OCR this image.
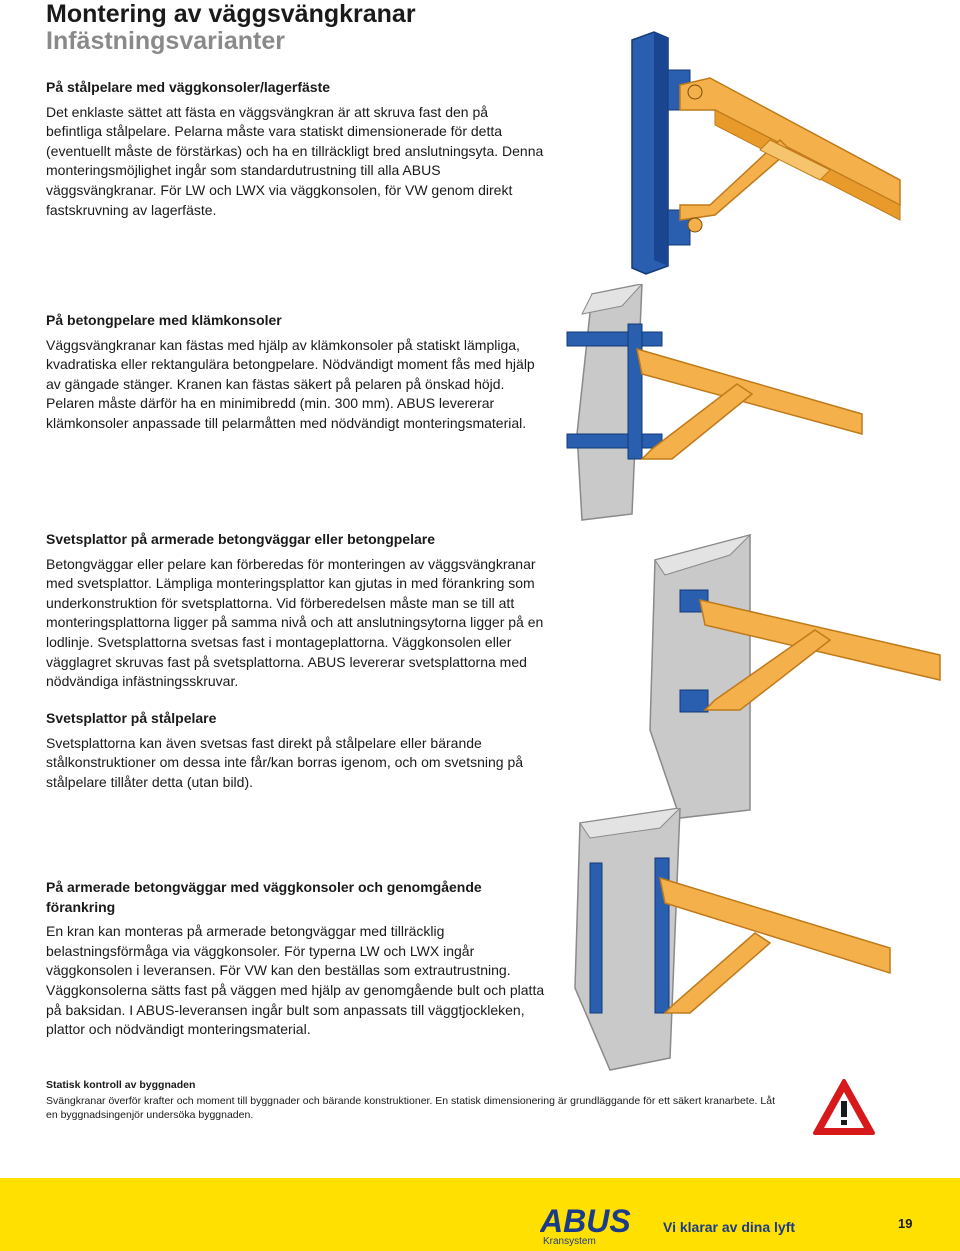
Montering av väggsvängkranar
Infästningsvarianter
På stålpelare med väggkonsoler/lagerfäste

Det enklaste sättet att fästa en väggsvängkran är att skruva fast den på befintliga stålpelare. Pelarna måste vara statiskt dimensionerade för detta (eventuellt måste de förstärkas) och ha en tillräckligt bred anslutningsyta. Denna monteringsmöjlighet ingår som standardutrustning till alla ABUS väggsvängkranar. För LW och LWX via väggkonsolen, för VW genom direkt fastskruvning av lagerfäste.

På betongpelare med klämkonsoler

Väggsvängkranar kan fästas med hjälp av klämkonsoler på statiskt lämpliga, kvadratiska eller rektangulära betongpelare. Nödvändigt moment fås med hjälp av gängade stänger. Kranen kan fästas säkert på pelaren på önskad höjd. Pelaren måste därför ha en minimibredd (min. 300 mm). ABUS levererar klämkonsoler anpassade till pelarmåtten med nödvändigt monteringsmaterial.

Svetsplattor på armerade betongväggar eller betongpelare

Betongväggar eller pelare kan förberedas för monteringen av väggsvängkranar med svetsplattor. Lämpliga monteringsplattor kan gjutas in med förankring som underkonstruktion för svetsplattorna. Vid förberedelsen måste man se till att monteringsplattorna ligger på samma nivå och att anslutningsytorna ligger på en lodlinje. Svetsplattorna svetsas fast i montageplattorna. Väggkonsolen eller vägglagret skruvas fast på svetsplattorna. ABUS levererar svetsplattorna med nödvändiga infästningsskruvar.

Svetsplattor på stålpelare

Svetsplattorna kan även svetsas fast direkt på stålpelare eller bärande stålkonstruktioner om dessa inte får/kan borras igenom, och om svetsning på stålpelare tillåter detta (utan bild).

På armerade betongväggar med väggkonsoler och genomgående förankring

En kran kan monteras på armerade betongväggar med tillräcklig belastningsförmåga via väggkonsoler. För typerna LW och LWX ingår väggkonsolen i leveransen. För VW kan den beställas som extrautrustning. Väggkonsolerna sätts fast på väggen med hjälp av genomgående bult och platta på baksidan. I ABUS-leveransen ingår bult som anpassats till väggtjockleken, plattor och nödvändigt monteringsmaterial.

Statisk kontroll av byggnaden

Svängkranar överför krafter och moment till byggnader och bärande konstruktioner. En statisk dimensionering är grundläggande för ett säkert kranarbete. Låt en byggnadsingenjör undersöka byggnaden.

ABUS
Kransystem
Vi klarar av dina lyft	19
